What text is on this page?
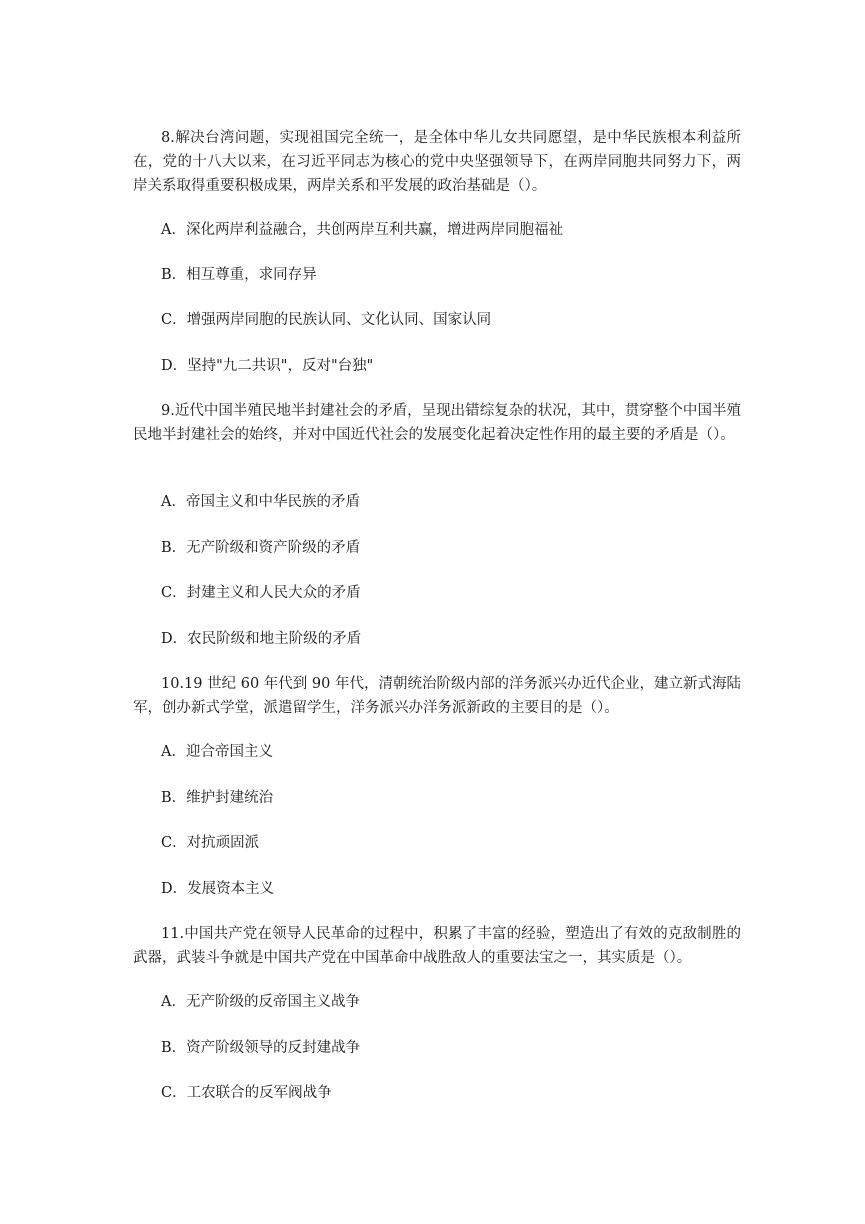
8.解决台湾问题，实现祖国完全统一，是全体中华儿女共同愿望，是中华民族根本利益所在，党的十八大以来，在习近平同志为核心的党中央坚强领导下，在两岸同胞共同努力下，两岸关系取得重要积极成果，两岸关系和平发展的政治基础是（）。

A．深化两岸利益融合，共创两岸互利共赢，增进两岸同胞福祉

B．相互尊重，求同存异

C．增强两岸同胞的民族认同、文化认同、国家认同

D．坚持"九二共识"，反对"台独"

9.近代中国半殖民地半封建社会的矛盾，呈现出错综复杂的状况，其中，贯穿整个中国半殖民地半封建社会的始终，并对中国近代社会的发展变化起着决定性作用的最主要的矛盾是（）。

A．帝国主义和中华民族的矛盾

B．无产阶级和资产阶级的矛盾

C．封建主义和人民大众的矛盾

D．农民阶级和地主阶级的矛盾

10.19 世纪 60 年代到 90 年代，清朝统治阶级内部的洋务派兴办近代企业，建立新式海陆军，创办新式学堂，派遣留学生，洋务派兴办洋务派新政的主要目的是（）。

A．迎合帝国主义

B．维护封建统治

C．对抗顽固派

D．发展资本主义

11.中国共产党在领导人民革命的过程中，积累了丰富的经验，塑造出了有效的克敌制胜的武器，武装斗争就是中国共产党在中国革命中战胜敌人的重要法宝之一，其实质是（）。

A．无产阶级的反帝国主义战争

B．资产阶级领导的反封建战争

C．工农联合的反军阀战争
